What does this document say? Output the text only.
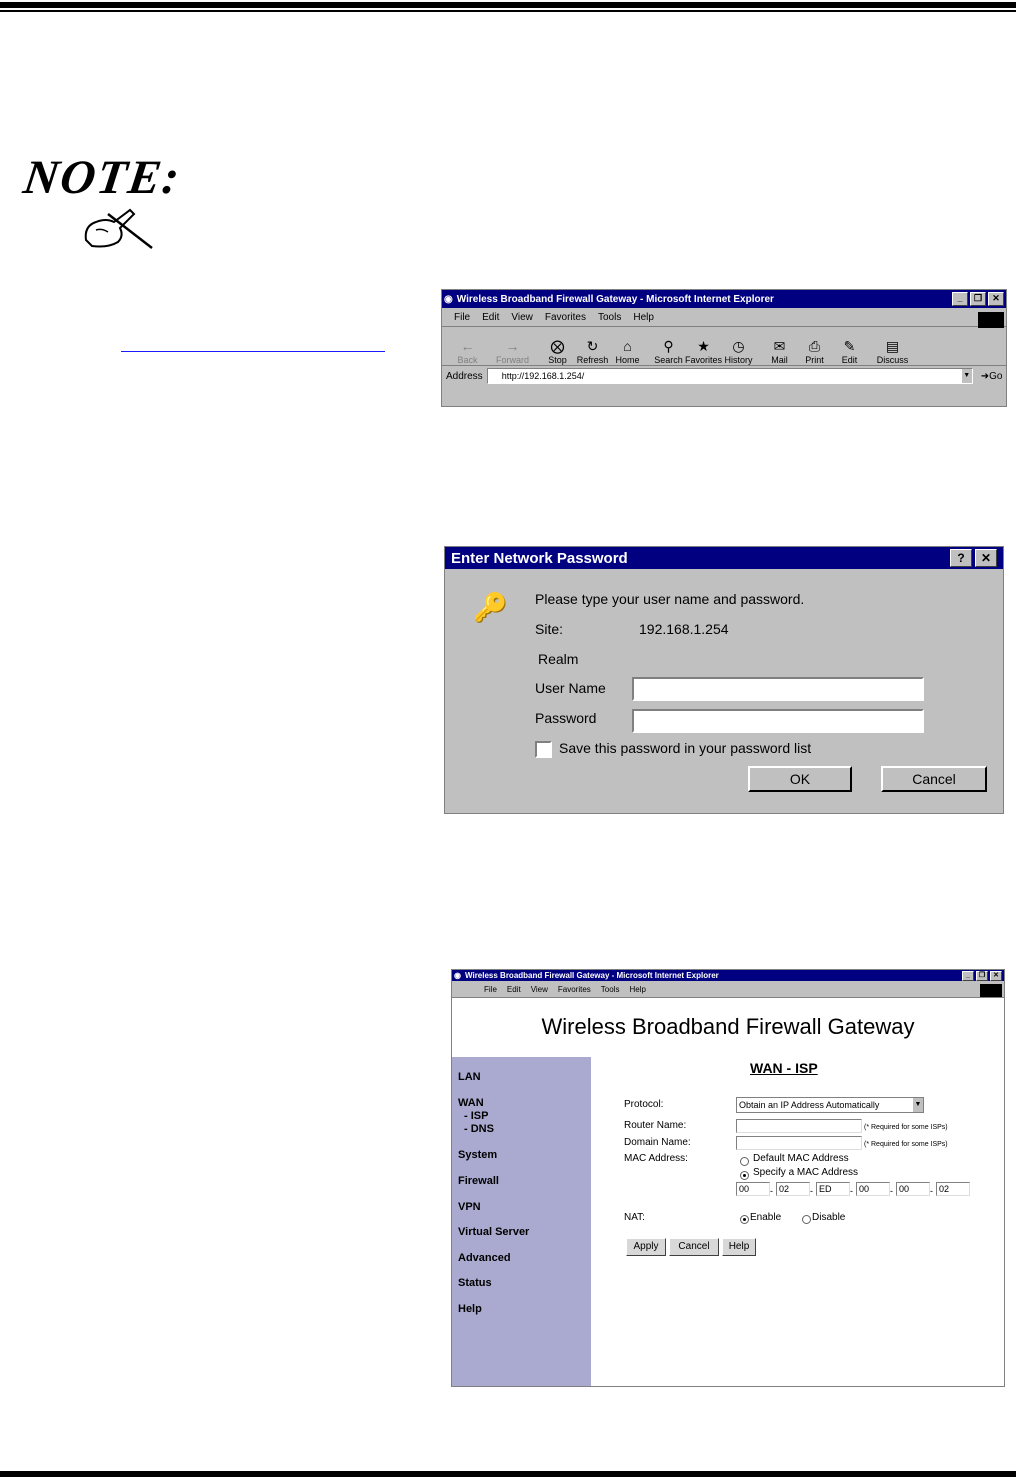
NOTE:
◉ Wireless Broadband Firewall Gateway - Microsoft Internet Explorer	_	❐	✕
File Edit View Favorites Tools Help
←
Back
→
Forward
⨂
Stop
↻
Refresh
⌂
Home
⚲
Search
★
Favorites
◷
History
✉
Mail
⎙
Print
✎
Edit
▤
Discuss
Address	http://192.168.1.254/	▼ ➜Go
Enter Network Password	?	✕
🔑 Please type your user name and password.
Site:	192.168.1.254
Realm
User Name
Password
Save this password in your password list
OK	Cancel
◉ Wireless Broadband Firewall Gateway - Microsoft Internet Explorer	_	❐	✕
File Edit View Favorites Tools Help
Wireless Broadband Firewall Gateway
LAN
WAN
- ISP
- DNS
System
Firewall
VPN
Virtual Server
Advanced
Status
Help
WAN - ISP
Protocol:	Obtain an IP Address Automatically	▼
Router Name:	(* Required for some ISPs)
Domain Name:	(* Required for some ISPs)
MAC Address:	Default MAC Address
Specify a MAC Address
00	- 02	- ED	- 00	- 00	- 02
NAT:	Enable	Disable
Apply	Cancel	Help
